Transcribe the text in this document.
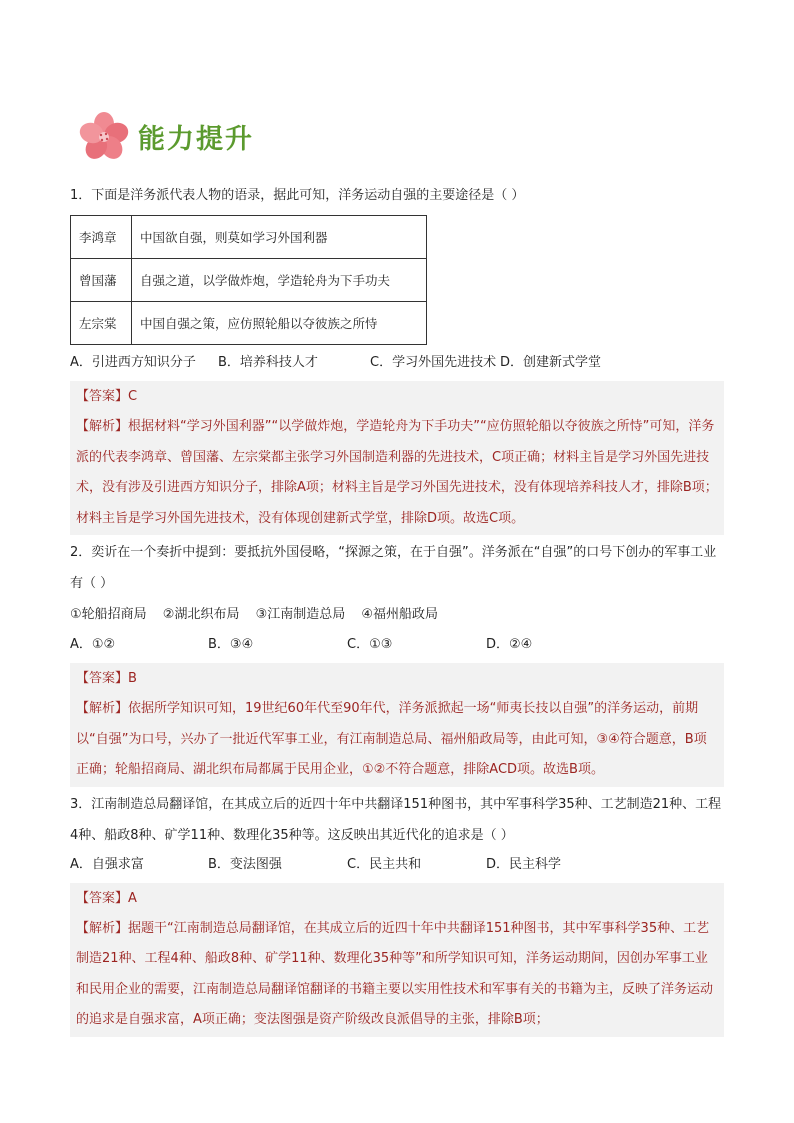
能力提升

1．下面是洋务派代表人物的语录，据此可知，洋务运动自强的主要途径是（ ）

李鸿章	中国欲自强，则莫如学习外国利器
曾国藩	自强之道，以学做炸炮，学造轮舟为下手功夫
左宗棠	中国自强之策，应仿照轮船以夺彼族之所恃
A．引进西方知识分子	B．培养科技人才	C．学习外国先进技术 D．创建新式学堂
【答案】C
【解析】根据材料“学习外国利器”“以学做炸炮，学造轮舟为下手功夫”“应仿照轮船以夺彼族之所恃”可知，洋务派的代表李鸿章、曾国藩、左宗棠都主张学习外国制造利器的先进技术，C项正确；材料主旨是学习外国先进技术，没有涉及引进西方知识分子，排除A项；材料主旨是学习外国先进技术，没有体现培养科技人才，排除B项；材料主旨是学习外国先进技术，没有体现创建新式学堂，排除D项。故选C项。

2．奕䜣在一个奏折中提到：要抵抗外国侵略，“探源之策，在于自强”。洋务派在“自强”的口号下创办的军事工业有（ ）

①轮船招商局 ②湖北织布局 ③江南制造总局 ④福州船政局
A．①②	B．③④	C．①③	D．②④
【答案】B
【解析】依据所学知识可知，19世纪60年代至90年代，洋务派掀起一场“师夷长技以自强”的洋务运动，前期以“自强”为口号，兴办了一批近代军事工业，有江南制造总局、福州船政局等，由此可知，③④符合题意，B项正确；轮船招商局、湖北织布局都属于民用企业，①②不符合题意，排除ACD项。故选B项。

3．江南制造总局翻译馆，在其成立后的近四十年中共翻译151种图书，其中军事科学35种、工艺制造21种、工程4种、船政8种、矿学11种、数理化35种等。这反映出其近代化的追求是（ ）

A．自强求富	B．变法图强	C．民主共和	D．民主科学
【答案】A
【解析】据题干“江南制造总局翻译馆，在其成立后的近四十年中共翻译151种图书，其中军事科学35种、工艺制造21种、工程4种、船政8种、矿学11种、数理化35种等”和所学知识可知，洋务运动期间，因创办军事工业和民用企业的需要，江南制造总局翻译馆翻译的书籍主要以实用性技术和军事有关的书籍为主，反映了洋务运动的追求是自强求富，A项正确；变法图强是资产阶级改良派倡导的主张，排除B项；
